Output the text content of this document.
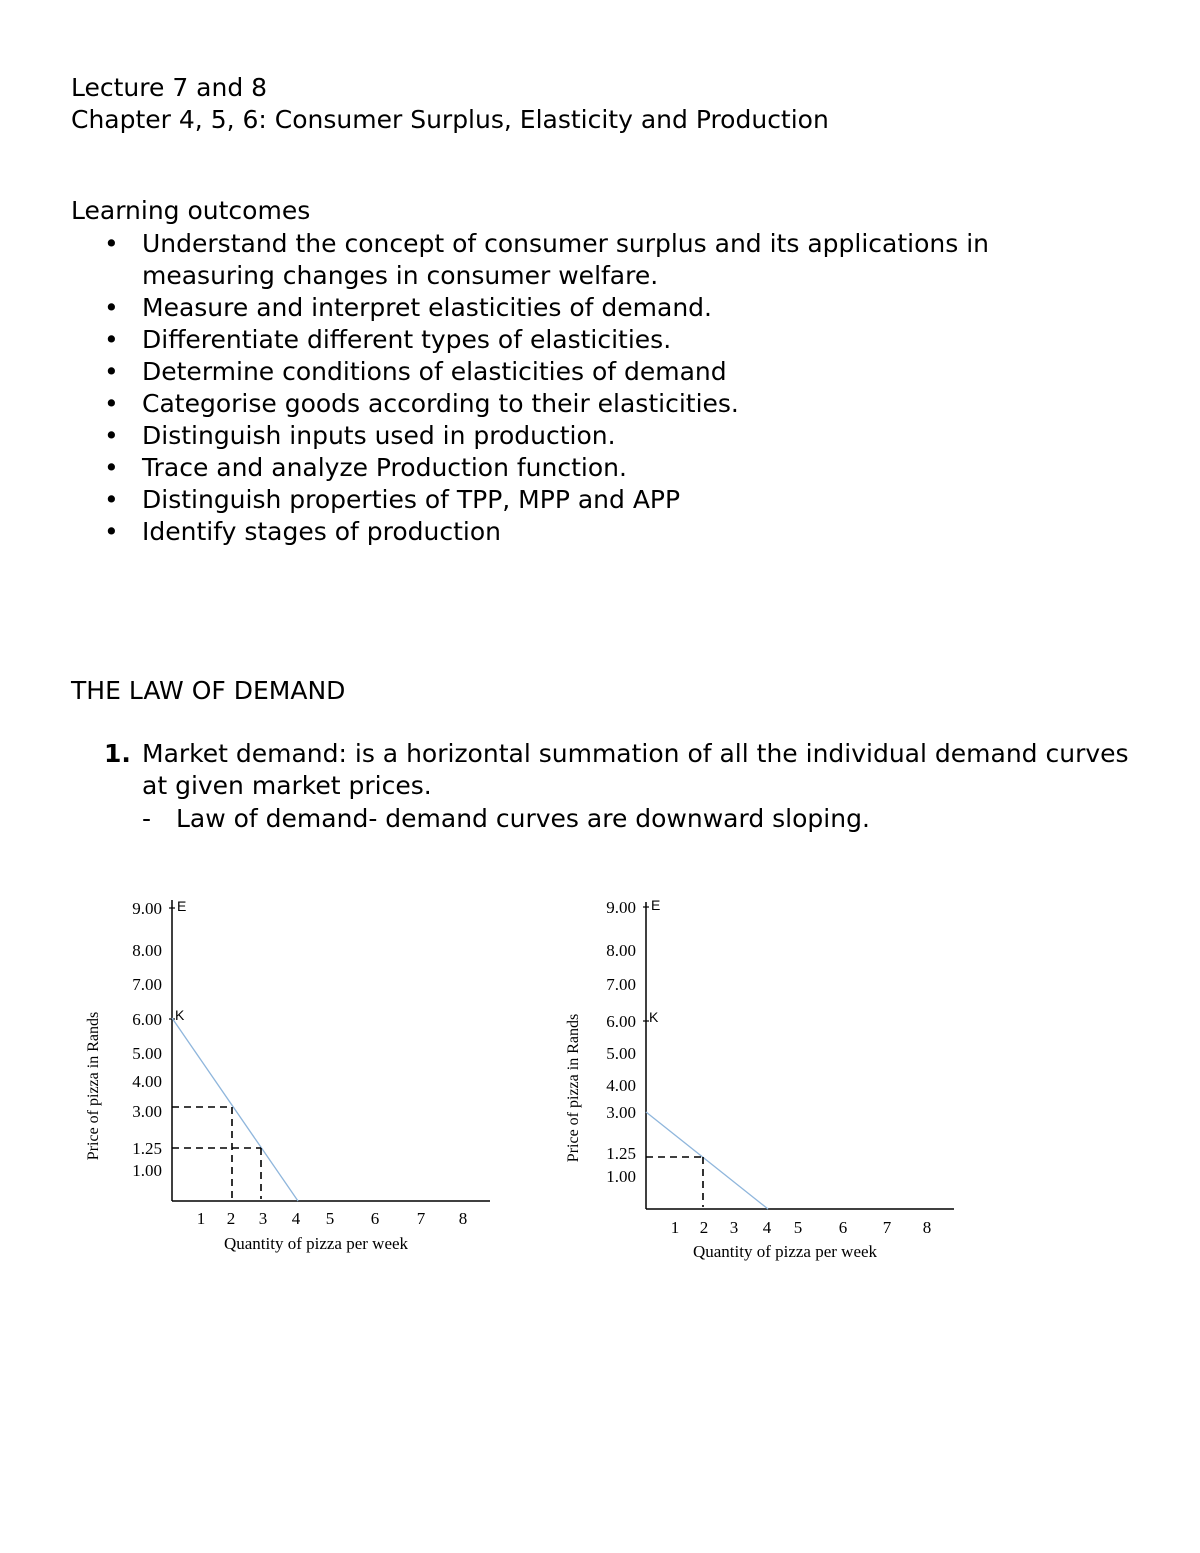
Lecture 7 and 8
Chapter 4, 5, 6: Consumer Surplus, Elasticity and Production
Learning outcomes
• Understand the concept of consumer surplus and its applications in measuring changes in consumer welfare.
• Measure and interpret elasticities of demand.
• Differentiate different types of elasticities.
• Determine conditions of elasticities of demand
• Categorise goods according to their elasticities.
• Distinguish inputs used in production.
• Trace and analyze Production function.
• Distinguish properties of TPP, MPP and APP
• Identify stages of production
THE LAW OF DEMAND
1. Market demand: is a horizontal summation of all the individual demand curves at given market prices.
- Law of demand- demand curves are downward sloping.
9.00
8.00
7.00
6.00
5.00
4.00
3.00
1.25
1.00
1 2 3 4 5 6 7 8
Quantity of pizza per week
Price of pizza in Rands
E
K
9.00
8.00
7.00
6.00
5.00
4.00
3.00
1.25
1.00
1 2 3 4 5 6 7 8
Quantity of pizza per week
Price of pizza in Rands
E
K
